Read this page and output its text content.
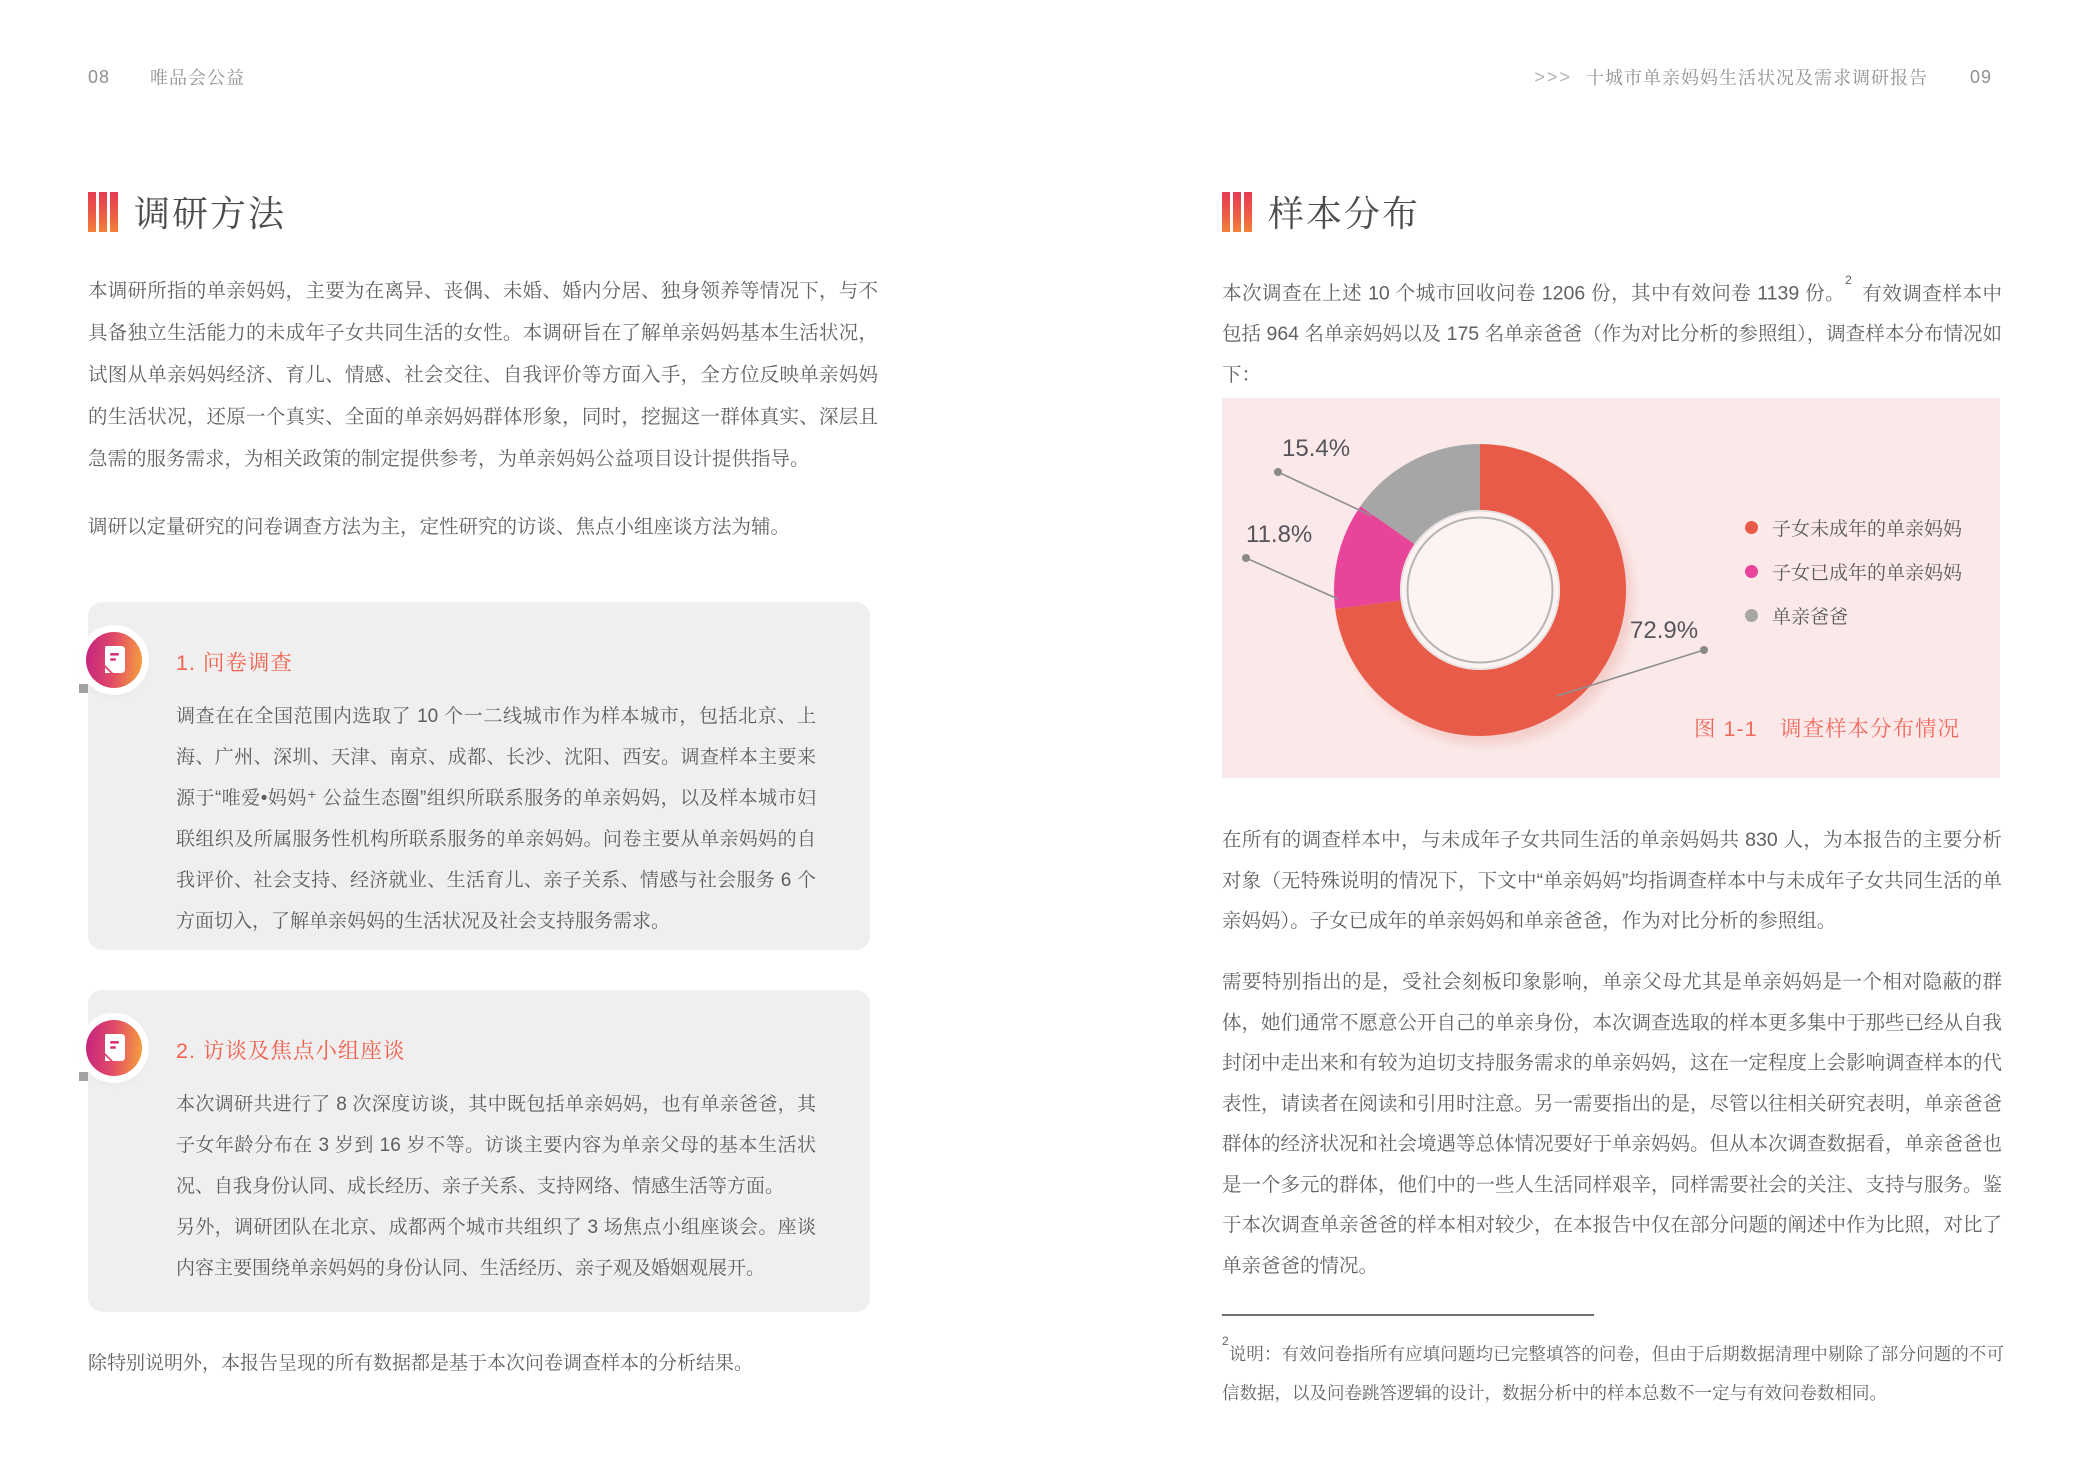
08 唯品会公益
调研方法
本调研所指的单亲妈妈，主要为在离异、丧偶、未婚、婚内分居、独身领养等情况下，与不具备独立生活能力的未成年子女共同生活的女性。本调研旨在了解单亲妈妈基本生活状况，试图从单亲妈妈经济、育儿、情感、社会交往、自我评价等方面入手，全方位反映单亲妈妈的生活状况，还原一个真实、全面的单亲妈妈群体形象，同时，挖掘这一群体真实、深层且急需的服务需求，为相关政策的制定提供参考，为单亲妈妈公益项目设计提供指导。
调研以定量研究的问卷调查方法为主，定性研究的访谈、焦点小组座谈方法为辅。
1. 问卷调查

调查在在全国范围内选取了 10 个一二线城市作为样本城市，包括北京、上海、广州、深圳、天津、南京、成都、长沙、沈阳、西安。调查样本主要来源于“唯爱•妈妈⁺ 公益生态圈”组织所联系服务的单亲妈妈，以及样本城市妇联组织及所属服务性机构所联系服务的单亲妈妈。问卷主要从单亲妈妈的自我评价、社会支持、经济就业、生活育儿、亲子关系、情感与社会服务 6 个方面切入，了解单亲妈妈的生活状况及社会支持服务需求。

2. 访谈及焦点小组座谈

本次调研共进行了 8 次深度访谈，其中既包括单亲妈妈，也有单亲爸爸，其子女年龄分布在 3 岁到 16 岁不等。访谈主要内容为单亲父母的基本生活状况、自我身份认同、成长经历、亲子关系、支持网络、情感生活等方面。

另外，调研团队在北京、成都两个城市共组织了 3 场焦点小组座谈会。座谈内容主要围绕单亲妈妈的身份认同、生活经历、亲子观及婚姻观展开。

除特别说明外，本报告呈现的所有数据都是基于本次问卷调查样本的分析结果。
>>> 十城市单亲妈妈生活状况及需求调研报告 09
样本分布
本次调查在上述 10 个城市回收问卷 1206 份，其中有效问卷 1139 份。$^2$有效调查样本中包括 964 名单亲妈妈以及 175 名单亲爸爸（作为对比分析的参照组），调查样本分布情况如下：
15.4%
11.8%
72.9%
子女未成年的单亲妈妈
子女已成年的单亲妈妈
单亲爸爸
图 1-1　调查样本分布情况
在所有的调查样本中，与未成年子女共同生活的单亲妈妈共 830 人，为本报告的主要分析对象（无特殊说明的情况下，下文中“单亲妈妈”均指调查样本中与未成年子女共同生活的单亲妈妈）。子女已成年的单亲妈妈和单亲爸爸，作为对比分析的参照组。
需要特别指出的是，受社会刻板印象影响，单亲父母尤其是单亲妈妈是一个相对隐蔽的群体，她们通常不愿意公开自己的单亲身份，本次调查选取的样本更多集中于那些已经从自我封闭中走出来和有较为迫切支持服务需求的单亲妈妈，这在一定程度上会影响调查样本的代表性，请读者在阅读和引用时注意。另一需要指出的是，尽管以往相关研究表明，单亲爸爸群体的经济状况和社会境遇等总体情况要好于单亲妈妈。但从本次调查数据看，单亲爸爸也是一个多元的群体，他们中的一些人生活同样艰辛，同样需要社会的关注、支持与服务。鉴于本次调查单亲爸爸的样本相对较少，在本报告中仅在部分问题的阐述中作为比照，对比了单亲爸爸的情况。
$^2$说明：有效问卷指所有应填问题均已完整填答的问卷，但由于后期数据清理中剔除了部分问题的不可信数据，以及问卷跳答逻辑的设计，数据分析中的样本总数不一定与有效问卷数相同。
